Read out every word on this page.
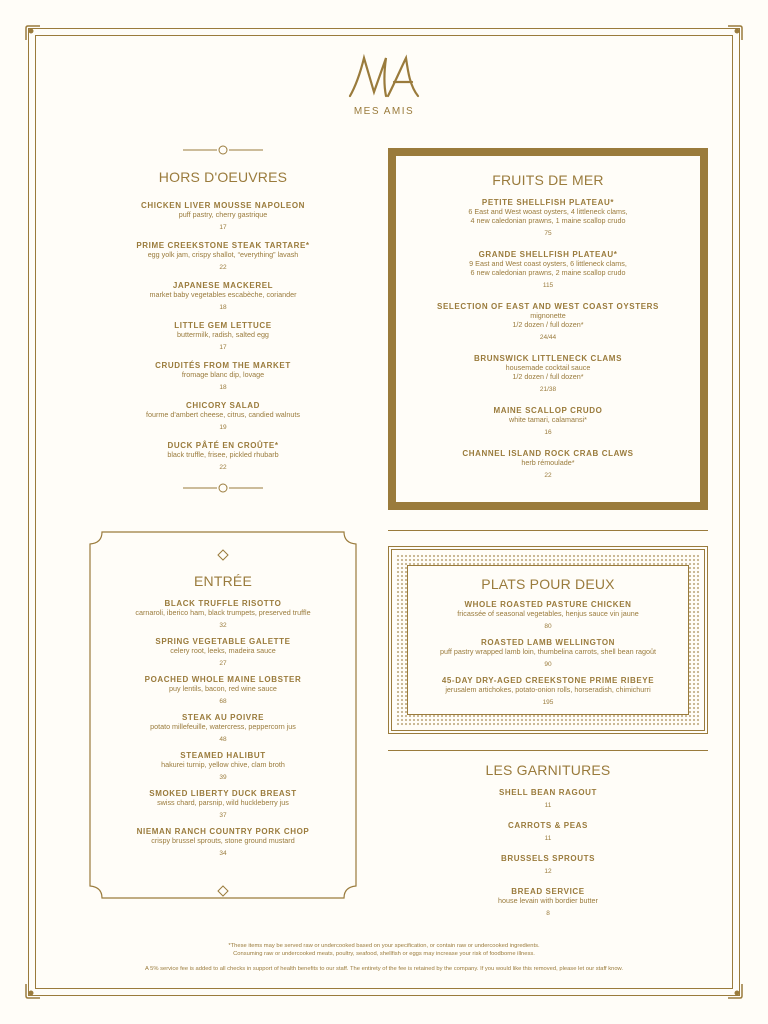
MES AMIS
HORS D'OEUVRES
CHICKEN LIVER MOUSSE NAPOLEON
puff pastry, cherry gastrique
17
PRIME CREEKSTONE STEAK TARTARE*
egg yolk jam, crispy shallot, “everything” lavash
22
JAPANESE MACKEREL
market baby vegetables escabèche, coriander
18
LITTLE GEM LETTUCE
buttermilk, radish, salted egg
17
CRUDITÉS FROM THE MARKET
fromage blanc dip, lovage
18
CHICORY SALAD
fourme d'ambert cheese, citrus, candied walnuts
19
DUCK PÂTÉ EN CROÛTE*
black truffle, frisee, pickled rhubarb
22
FRUITS DE MER
PETITE SHELLFISH PLATEAU*
6 East and West woast oysters, 4 littleneck clams,
4 new caledonian prawns, 1 maine scallop crudo
75
GRANDE SHELLFISH PLATEAU*
9 East and West coast oysters, 6 littleneck clams,
6 new caledonian prawns, 2 maine scallop crudo
115
SELECTION OF EAST AND WEST COAST OYSTERS
mignonette
1/2 dozen / full dozen*
24/44
BRUNSWICK LITTLENECK CLAMS
housemade cocktail sauce
1/2 dozen / full dozen*
21/38
MAINE SCALLOP CRUDO
white tamari, calamansi*
16
CHANNEL ISLAND ROCK CRAB CLAWS
herb rémoulade*
22
ENTRÉE
BLACK TRUFFLE RISOTTO
carnaroli, iberico ham, black trumpets, preserved truffle
32
SPRING VEGETABLE GALETTE
celery root, leeks, madeira sauce
27
POACHED WHOLE MAINE LOBSTER
puy lentils, bacon, red wine sauce
68
STEAK AU POIVRE
potato millefeuille, watercress, peppercorn jus
48
STEAMED HALIBUT
hakurei turnip, yellow chive, clam broth
39
SMOKED LIBERTY DUCK BREAST
swiss chard, parsnip, wild huckleberry jus
37
NIEMAN RANCH COUNTRY PORK CHOP
crispy brussel sprouts, stone ground mustard
34
PLATS POUR DEUX
WHOLE ROASTED PASTURE CHICKEN
fricassée of seasonal vegetables, henjus sauce vin jaune
80
ROASTED LAMB WELLINGTON
puff pastry wrapped lamb loin, thumbelina carrots, shell bean ragoût
90
45-DAY DRY-AGED CREEKSTONE PRIME RIBEYE
jerusalem artichokes, potato-onion rolls, horseradish, chimichurri
195
LES GARNITURES
SHELL BEAN RAGOUT
11
CARROTS & PEAS
11
BRUSSELS SPROUTS
12
BREAD SERVICE
house levain with bordier butter
8
*These items may be served raw or undercooked based on your specification, or contain raw or undercooked ingredients.
Consuming raw or undercooked meats, poultry, seafood, shellfish or eggs may increase your risk of foodborne illness.
A 5% service fee is added to all checks in support of health benefits to our staff. The entirety of the fee is retained by the company. If you would like this removed, please let our staff know.
